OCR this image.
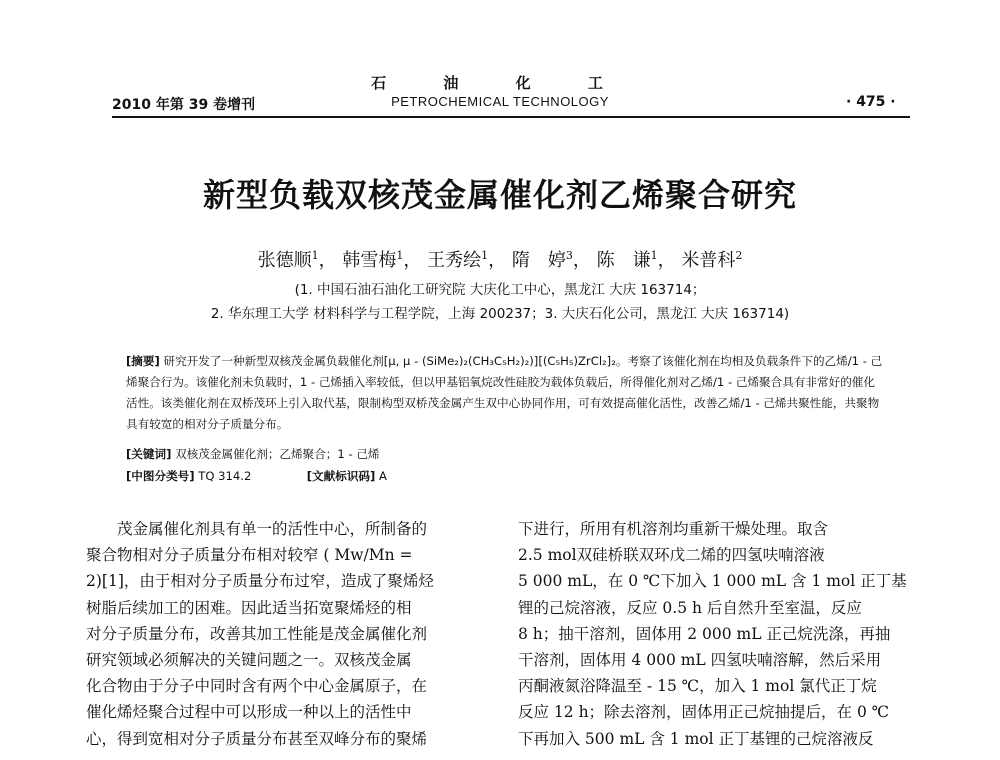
石 油 化 工
2010 年第 39 卷增刊	PETROCHEMICAL TECHNOLOGY	· 475 ·
新型负载双核茂金属催化剂乙烯聚合研究
张德顺$^1$， 韩雪梅$^1$， 王秀绘$^1$， 隋　婷$^3$， 陈　谦$^1$， 米普科$^2$
(1. 中国石油石油化工研究院 大庆化工中心，黑龙江 大庆 163714；
2. 华东理工大学 材料科学与工程学院，上海 200237；3. 大庆石化公司，黑龙江 大庆 163714)
[摘要] 研究开发了一种新型双核茂金属负载催化剂[μ, μ - (SiMe₂)₂(CH₃C₅H₂)₂)][(C₅H₅)ZrCl₂]₂。考察了该催化剂在均相及负载条件下的乙烯/1 - 己烯聚合行为。该催化剂未负载时，1 - 己烯插入率较低，但以甲基铝氧烷改性硅胶为载体负载后，所得催化剂对乙烯/1 - 己烯聚合具有非常好的催化活性。该类催化剂在双桥茂环上引入取代基，限制构型双桥茂金属产生双中心协同作用，可有效提高催化活性，改善乙烯/1 - 己烯共聚性能，共聚物具有较宽的相对分子质量分布。
[关键词] 双核茂金属催化剂；乙烯聚合；1 - 己烯
[中图分类号] TQ 314.2	[文献标识码] A

　　茂金属催化剂具有单一的活性中心，所制备的

聚合物相对分子质量分布相对较窄 ( Mw/Mn =

2)[1]，由于相对分子质量分布过窄，造成了聚烯烃

树脂后续加工的困难。因此适当拓宽聚烯烃的相

对分子质量分布，改善其加工性能是茂金属催化剂

研究领域必须解决的关键问题之一。双核茂金属

化合物由于分子中同时含有两个中心金属原子，在

催化烯烃聚合过程中可以形成一种以上的活性中

心，得到宽相对分子质量分布甚至双峰分布的聚烯

下进行，所用有机溶剂均重新干燥处理。取含

2.5 mol双硅桥联双环戊二烯的四氢呋喃溶液

5 000 mL，在 0 ℃下加入 1 000 mL 含 1 mol 正丁基

锂的己烷溶液，反应 0.5 h 后自然升至室温，反应

8 h；抽干溶剂，固体用 2 000 mL 正己烷洗涤，再抽

干溶剂，固体用 4 000 mL 四氢呋喃溶解，然后采用

丙酮液氮浴降温至 - 15 ℃，加入 1 mol 氯代正丁烷

反应 12 h；除去溶剂，固体用正己烷抽提后，在 0 ℃

下再加入 500 mL 含 1 mol 正丁基锂的己烷溶液反
